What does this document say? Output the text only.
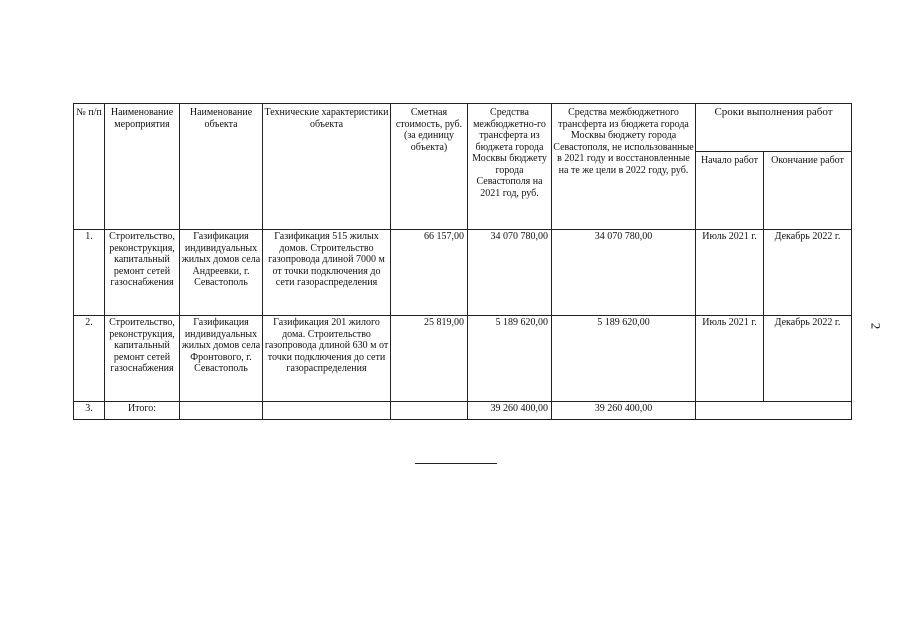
№ п/п	Наименование мероприятия	Наименование объекта	Технические характеристики объекта	Сметная стоимость, руб. (за единицу объекта)	Средства межбюджетно-го трансферта из бюджета города Москвы бюджету города Севастополя на 2021 год, руб.	Средства межбюджетного трансферта из бюджета города Москвы бюджету города Севастополя, не использованные в 2021 году и восстановленные на те же цели в 2022 году, руб.	Сроки выполнения работ	
							Начало работ	Окончание работ
1.	Строительство, реконструкция, капитальный ремонт сетей газоснабжения	Газификация индивидуальных жилых домов села Андреевки, г. Севастополь	Газификация 515 жилых домов. Строительство газопровода длиной 7000 м от точки подключения до сети газораспределения	66 157,00	34 070 780,00	34 070 780,00	Июль 2021 г.	Декабрь 2022 г.
2.	Строительство, реконструкция, капитальный ремонт сетей газоснабжения	Газификация индивидуальных жилых домов села Фронтового, г. Севастополь	Газификация 201 жилого дома. Строительство газопровода длиной 630 м от точки подключения до сети газораспределения	25 819,00	5 189 620,00	5 189 620,00	Июль 2021 г.	Декабрь 2022 г.
3.	Итого:				39 260 400,00	39 260 400,00		
2
